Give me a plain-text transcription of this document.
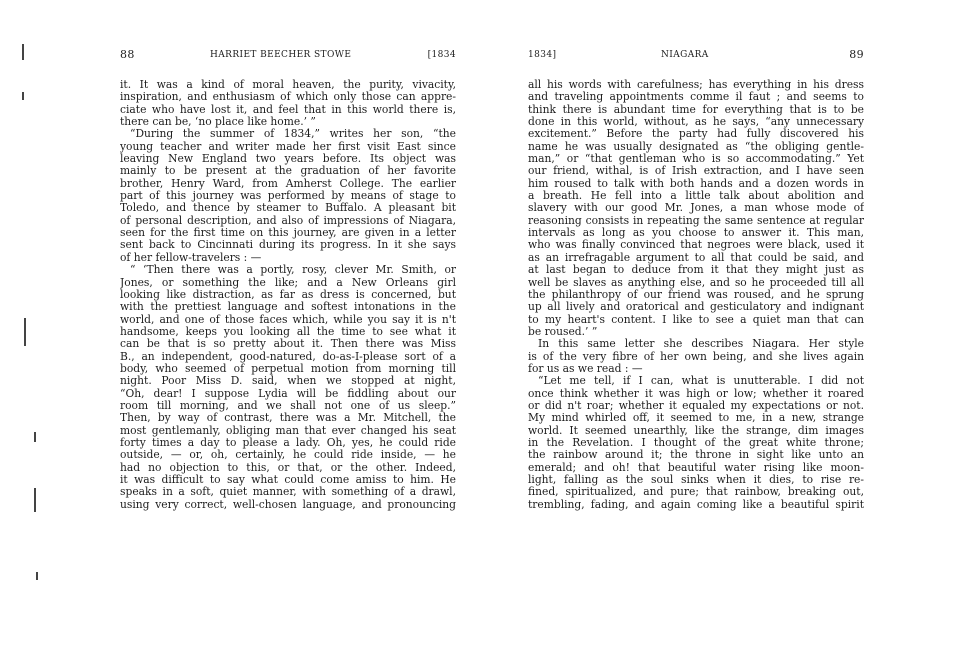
88	HARRIET BEECHER STOWE	[1834

it. It was a kind of moral heaven, the purity, vivacity,

inspiration, and enthusiasm of which only those can appre-

ciate who have lost it, and feel that in this world there is,

there can be, ‘no place like home.’ ”

“During the summer of 1834,” writes her son, “the

young teacher and writer made her first visit East since

leaving New England two years before. Its object was

mainly to be present at the graduation of her favorite

brother, Henry Ward, from Amherst College. The earlier

part of this journey was performed by means of stage to

Toledo, and thence by steamer to Buffalo. A pleasant bit

of personal description, and also of impressions of Niagara,

seen for the first time on this journey, are given in a letter

sent back to Cincinnati during its progress. In it she says

of her fellow-travelers : —

“ ‘Then there was a portly, rosy, clever Mr. Smith, or

Jones, or something the like; and a New Orleans girl

looking like distraction, as far as dress is concerned, but

with the prettiest language and softest intonations in the

world, and one of those faces which, while you say it is n't

handsome, keeps you looking all the time to see what it

can be that is so pretty about it. Then there was Miss

B., an independent, good-natured, do-as-I-please sort of a

body, who seemed of perpetual motion from morning till

night. Poor Miss D. said, when we stopped at night,

“Oh, dear! I suppose Lydia will be fiddling about our

room till morning, and we shall not one of us sleep.”

Then, by way of contrast, there was a Mr. Mitchell, the

most gentlemanly, obliging man that ever changed his seat

forty times a day to please a lady. Oh, yes, he could ride

outside, — or, oh, certainly, he could ride inside, — he

had no objection to this, or that, or the other. Indeed,

it was difficult to say what could come amiss to him. He

speaks in a soft, quiet manner, with something of a drawl,

using very correct, well-chosen language, and pronouncing

1834]	NIAGARA	89

all his words with carefulness; has everything in his dress

and traveling appointments comme il faut ; and seems to

think there is abundant time for everything that is to be

done in this world, without, as he says, “any unnecessary

excitement.” Before the party had fully discovered his

name he was usually designated as “the obliging gentle-

man,” or “that gentleman who is so accommodating.” Yet

our friend, withal, is of Irish extraction, and I have seen

him roused to talk with both hands and a dozen words in

a breath. He fell into a little talk about abolition and

slavery with our good Mr. Jones, a man whose mode of

reasoning consists in repeating the same sentence at regular

intervals as long as you choose to answer it. This man,

who was finally convinced that negroes were black, used it

as an irrefragable argument to all that could be said, and

at last began to deduce from it that they might just as

well be slaves as anything else, and so he proceeded till all

the philanthropy of our friend was roused, and he sprung

up all lively and oratorical and gesticulatory and indignant

to my heart's content. I like to see a quiet man that can

be roused.’ ”

In this same letter she describes Niagara. Her style

is of the very fibre of her own being, and she lives again

for us as we read : —

“Let me tell, if I can, what is unutterable. I did not

once think whether it was high or low; whether it roared

or did n't roar; whether it equaled my expectations or not.

My mind whirled off, it seemed to me, in a new, strange

world. It seemed unearthly, like the strange, dim images

in the Revelation. I thought of the great white throne;

the rainbow around it; the throne in sight like unto an

emerald; and oh! that beautiful water rising like moon-

light, falling as the soul sinks when it dies, to rise re-

fined, spiritualized, and pure; that rainbow, breaking out,

trembling, fading, and again coming like a beautiful spirit
